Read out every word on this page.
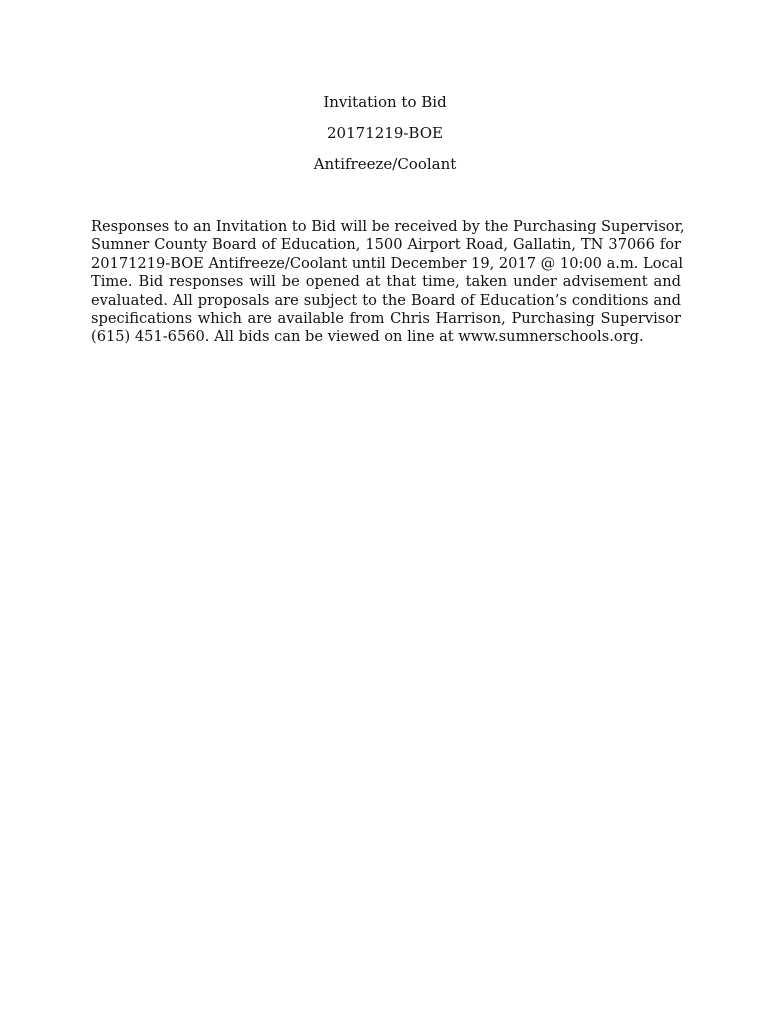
Invitation to Bid
20171219-BOE
Antifreeze/Coolant
Responses to an Invitation to Bid will be received by the Purchasing Supervisor,
Sumner County Board of Education, 1500 Airport Road, Gallatin, TN 37066 for
20171219-BOE Antifreeze/Coolant until December 19, 2017 @ 10:00 a.m. Local
Time. Bid responses will be opened at that time, taken under advisement and
evaluated. All proposals are subject to the Board of Education’s conditions and
specifications which are available from Chris Harrison, Purchasing Supervisor
(615) 451-6560. All bids can be viewed on line at www.sumnerschools.org.
